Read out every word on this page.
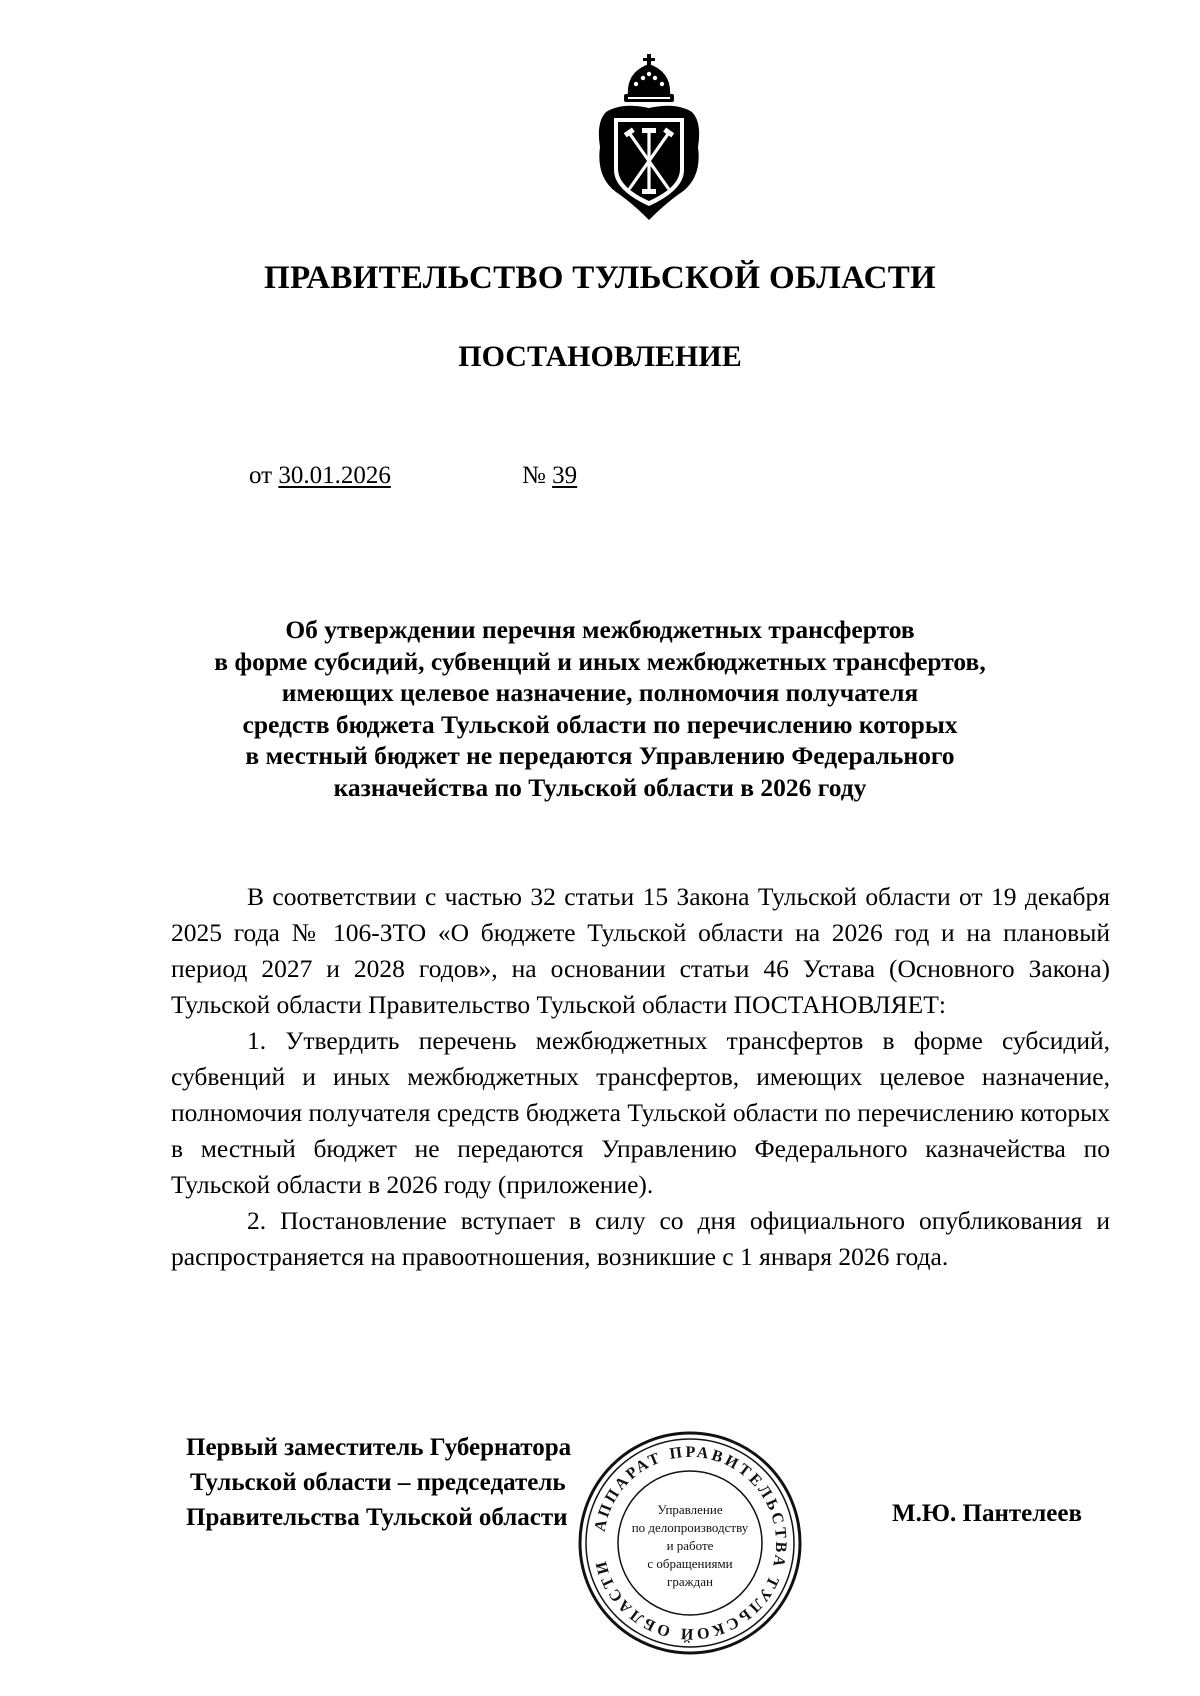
ПРАВИТЕЛЬСТВО ТУЛЬСКОЙ ОБЛАСТИ
ПОСТАНОВЛЕНИЕ
от 30.01.2026	№ 39
Об утверждении перечня межбюджетных трансфертов
в форме субсидий, субвенций и иных межбюджетных трансфертов,
имеющих целевое назначение, полномочия получателя
средств бюджета Тульской области по перечислению которых
в местный бюджет не передаются Управлению Федерального
казначейства по Тульской области в 2026 году

В соответствии с частью 32 статьи 15 Закона Тульской области от 19 декабря 2025 года № 106-ЗТО «О бюджете Тульской области на 2026 год и на плановый период 2027 и 2028 годов», на основании статьи 46 Устава (Основного Закона) Тульской области Правительство Тульской области ПОСТАНОВЛЯЕТ:

1. Утвердить перечень межбюджетных трансфертов в форме субсидий, субвенций и иных межбюджетных трансфертов, имеющих целевое назначение, полномочия получателя средств бюджета Тульской области по перечислению которых в местный бюджет не передаются Управлению Федерального казначейства по Тульской области в 2026 году (приложение).

2. Постановление вступает в силу со дня официального опубликования и распространяется на правоотношения, возникшие с 1 января 2026 года.

Первый заместитель Губернатора
Тульской области – председатель
Правительства Тульской области АППАРАТ ПРАВИТЕЛЬСТВА ТУЛЬСКОЙ ОБЛАСТИ
Управление
по делопроизводству
и работе
с обращениями
граждан
М.Ю. Пантелеев
